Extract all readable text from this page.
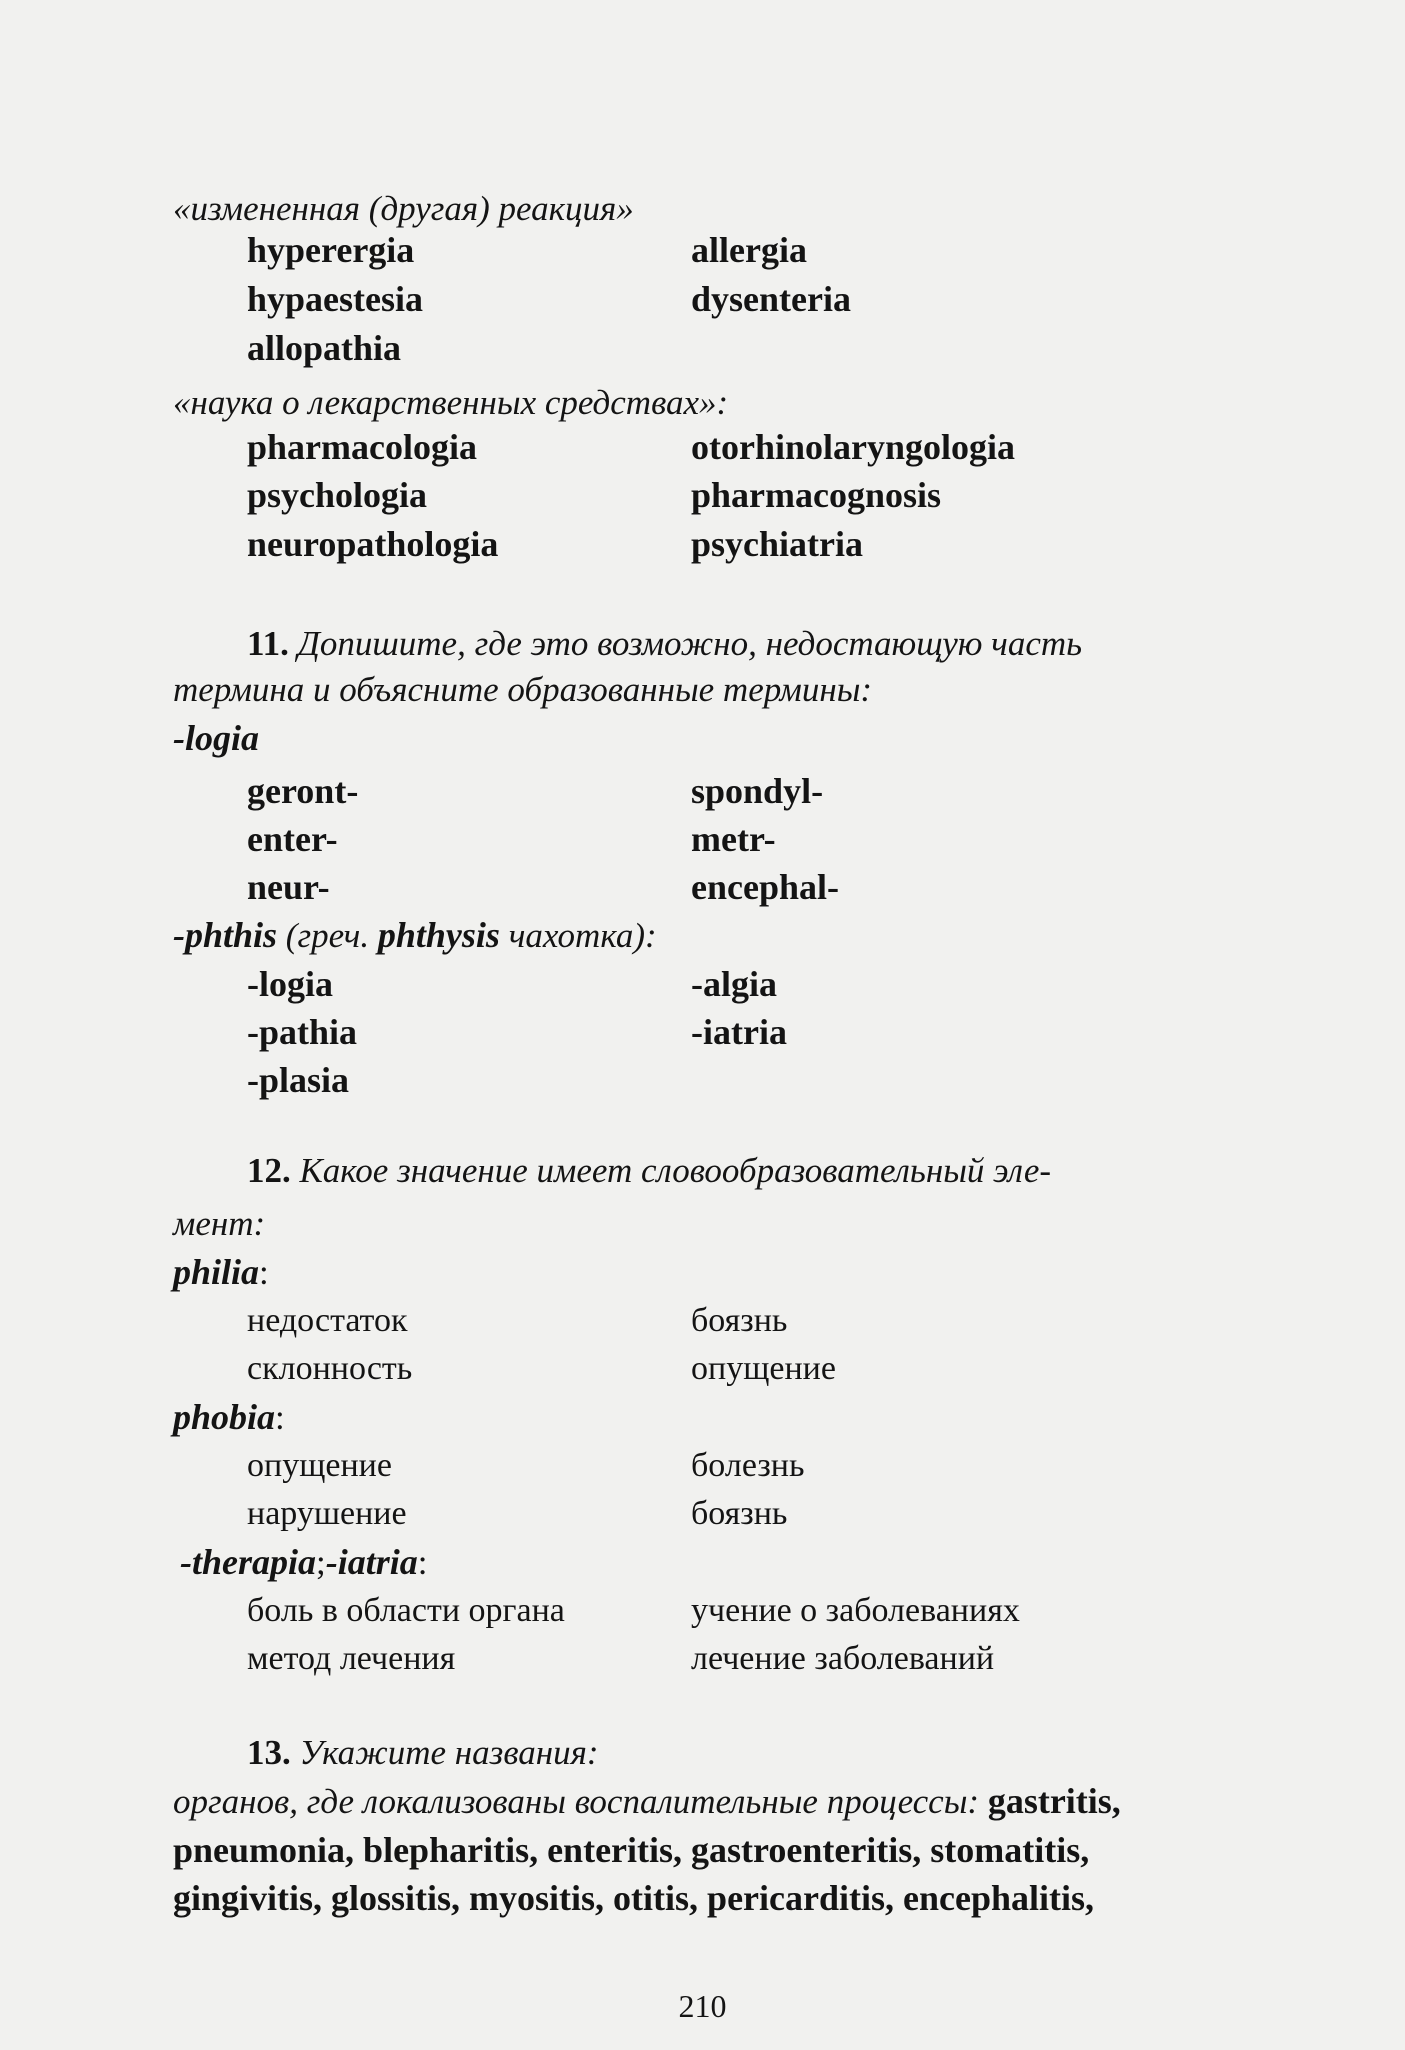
«измененная (другая) реакция»
hyperergia	allergia
hypaestesia	dysenteria
allopathia
«наука о лекарственных средствах»:
pharmacologia	otorhinolaryngologia
psychologia	pharmacognosis
neuropathologia	psychiatria
11. Допишите, где это возможно, недостающую часть
термина и объясните образованные термины:
-logia
geront-	spondyl-
enter-	metr-
neur-	encephal-
-phthis (греч. phthysis чахотка):
-logia	-algia
-pathia	-iatria
-plasia
12. Какое значение имеет словообразовательный эле-
мент:
philia:
недостаток	боязнь
склонность	опущение
phobia:
опущение	болезнь
нарушение	боязнь
-therapia;-iatria:
боль в области органа	учение о заболеваниях
метод лечения	лечение заболеваний
13. Укажите названия:
органов, где локализованы воспалительные процессы: gastritis,
pneumonia, blepharitis, enteritis, gastroenteritis, stomatitis,
gingivitis, glossitis, myositis, otitis, pericarditis, encephalitis,
210
